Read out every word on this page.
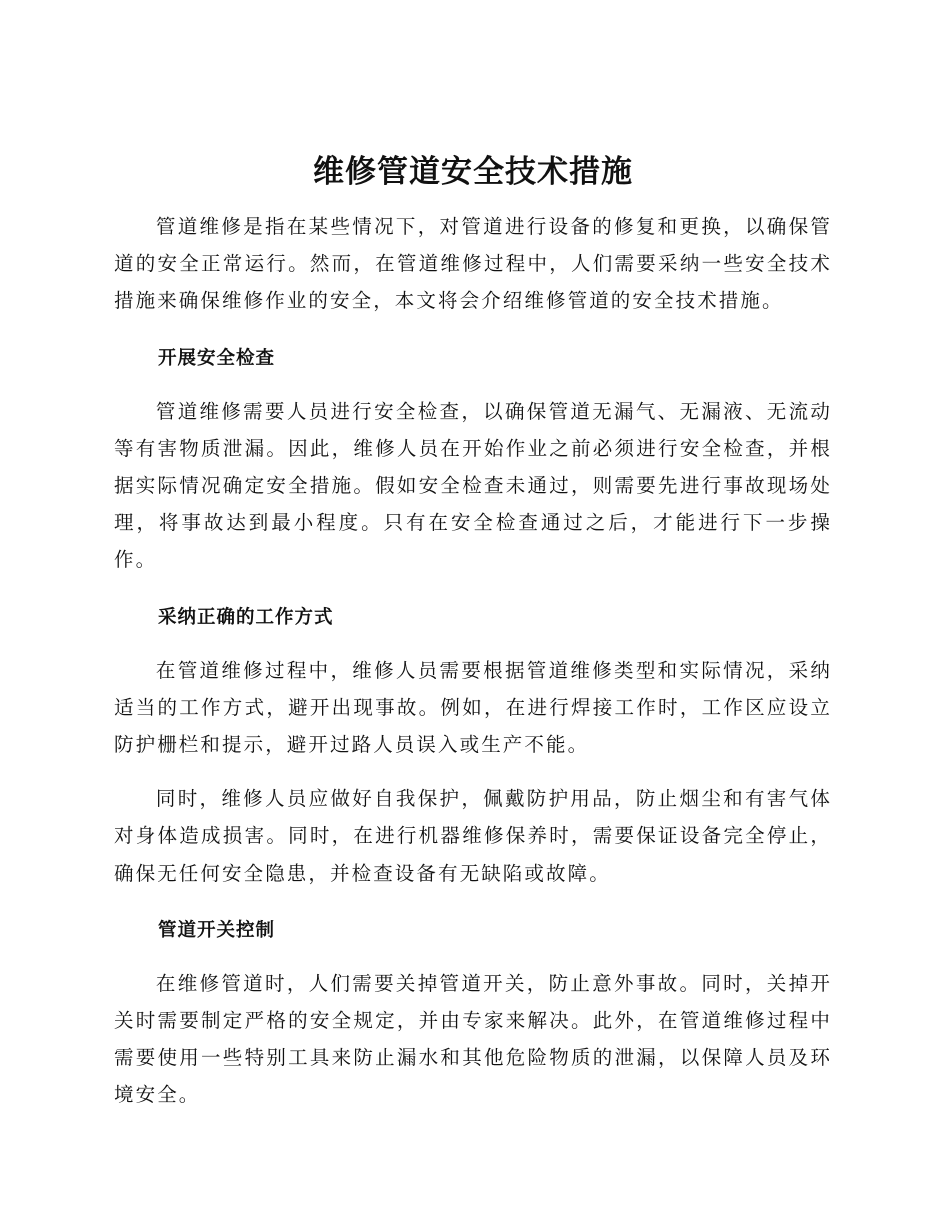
维修管道安全技术措施

管道维修是指在某些情况下，对管道进行设备的修复和更换，以确保管道的安全正常运行。然而，在管道维修过程中，人们需要采纳一些安全技术措施来确保维修作业的安全，本文将会介绍维修管道的安全技术措施。

开展安全检查

管道维修需要人员进行安全检查，以确保管道无漏气、无漏液、无流动等有害物质泄漏。因此，维修人员在开始作业之前必须进行安全检查，并根据实际情况确定安全措施。假如安全检查未通过，则需要先进行事故现场处理，将事故达到最小程度。只有在安全检查通过之后，才能进行下一步操作。

采纳正确的工作方式

在管道维修过程中，维修人员需要根据管道维修类型和实际情况，采纳适当的工作方式，避开出现事故。例如，在进行焊接工作时，工作区应设立防护栅栏和提示，避开过路人员误入或生产不能。

同时，维修人员应做好自我保护，佩戴防护用品，防止烟尘和有害气体对身体造成损害。同时，在进行机器维修保养时，需要保证设备完全停止，确保无任何安全隐患，并检查设备有无缺陷或故障。

管道开关控制

在维修管道时，人们需要关掉管道开关，防止意外事故。同时，关掉开关时需要制定严格的安全规定，并由专家来解决。此外，在管道维修过程中需要使用一些特别工具来防止漏水和其他危险物质的泄漏，以保障人员及环境安全。
